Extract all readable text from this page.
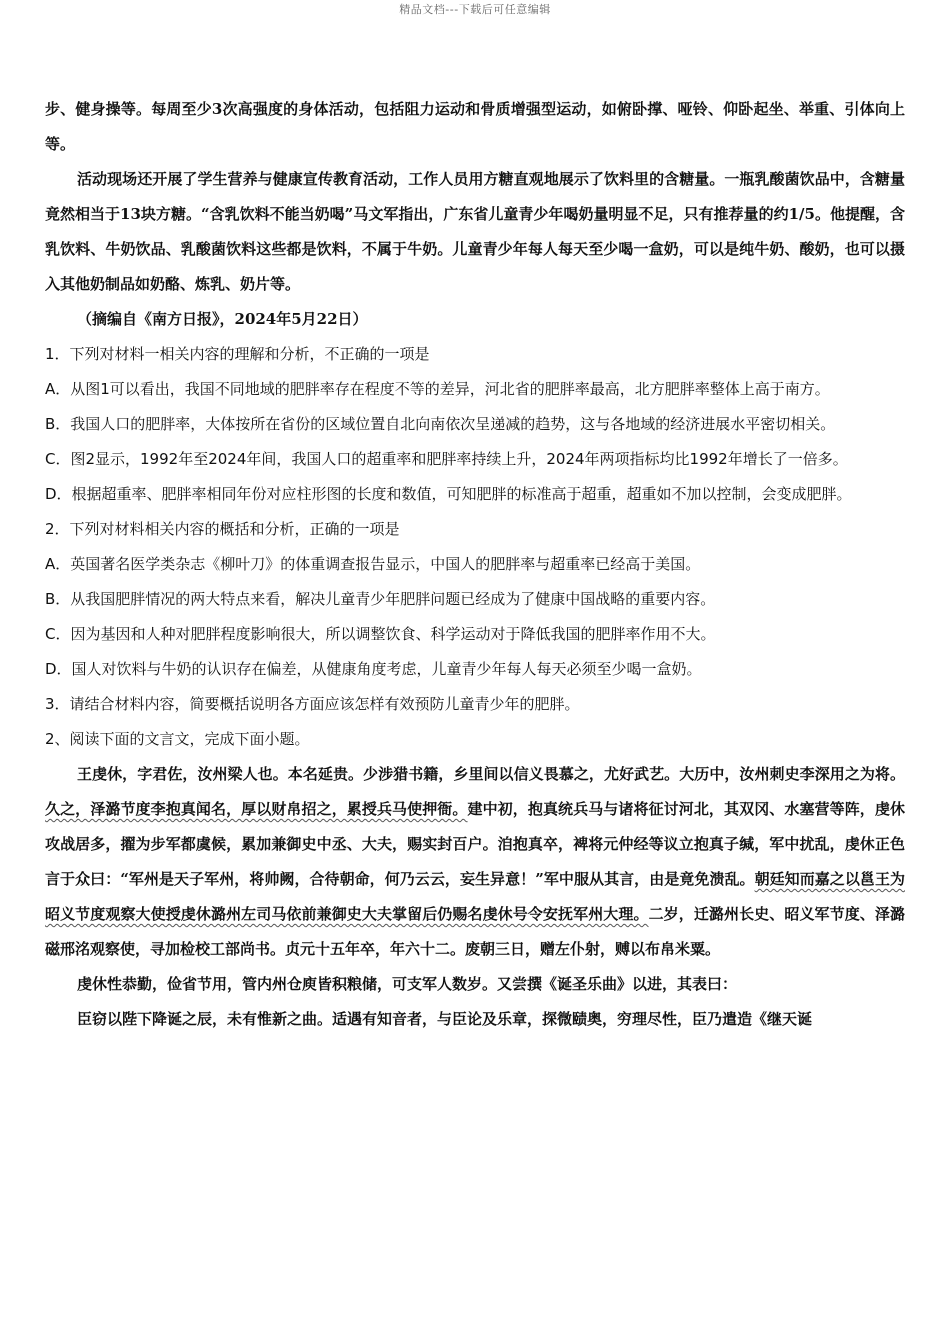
精品文档---下载后可任意编辑

步、健身操等。每周至少3次高强度的身体活动，包括阻力运动和骨质增强型运动，如俯卧撑、哑铃、仰卧起坐、举重、引体向上等。

活动现场还开展了学生营养与健康宣传教育活动，工作人员用方糖直观地展示了饮料里的含糖量。一瓶乳酸菌饮品中，含糖量竟然相当于13块方糖。“含乳饮料不能当奶喝”马文军指出，广东省儿童青少年喝奶量明显不足，只有推荐量的约1/5。他提醒，含乳饮料、牛奶饮品、乳酸菌饮料这些都是饮料，不属于牛奶。儿童青少年每人每天至少喝一盒奶，可以是纯牛奶、酸奶，也可以摄入其他奶制品如奶酪、炼乳、奶片等。

（摘编自《南方日报》，2024年5月22日）

1．下列对材料一相关内容的理解和分析，不正确的一项是

A．从图1可以看出，我国不同地域的肥胖率存在程度不等的差异，河北省的肥胖率最高，北方肥胖率整体上高于南方。

B．我国人口的肥胖率，大体按所在省份的区域位置自北向南依次呈递减的趋势，这与各地域的经济进展水平密切相关。

C．图2显示，1992年至2024年间，我国人口的超重率和肥胖率持续上升，2024年两项指标均比1992年增长了一倍多。

D．根据超重率、肥胖率相同年份对应柱形图的长度和数值，可知肥胖的标准高于超重，超重如不加以控制，会变成肥胖。

2．下列对材料相关内容的概括和分析，正确的一项是

A．英国著名医学类杂志《柳叶刀》的体重调查报告显示，中国人的肥胖率与超重率已经高于美国。

B．从我国肥胖情况的两大特点来看，解决儿童青少年肥胖问题已经成为了健康中国战略的重要内容。

C．因为基因和人种对肥胖程度影响很大，所以调整饮食、科学运动对于降低我国的肥胖率作用不大。

D．国人对饮料与牛奶的认识存在偏差，从健康角度考虑，儿童青少年每人每天必须至少喝一盒奶。

3．请结合材料内容，简要概括说明各方面应该怎样有效预防儿童青少年的肥胖。

2、阅读下面的文言文，完成下面小题。

王虔休，字君佐，汝州梁人也。本名延贵。少涉猎书籍，乡里间以信义畏慕之，尤好武艺。大历中，汝州刺史李深用之为将。久之，泽潞节度李抱真闻名，厚以财帛招之，累授兵马使押衙。建中初，抱真统兵马与诸将征讨河北，其双冈、水塞营等阵，虔休攻战居多，擢为步军都虞候，累加兼御史中丞、大夫，赐实封百户。洎抱真卒，裨将元仲经等议立抱真子缄，军中扰乱，虔休正色言于众曰：“军州是天子军州，将帅阙，合待朝命，何乃云云，妄生异意！”军中服从其言，由是竟免溃乱。朝廷知而嘉之以邕王为昭义节度观察大使授虔休潞州左司马依前兼御史大夫掌留后仍赐名虔休号令安抚军州大理。二岁，迁潞州长史、昭义军节度、泽潞磁邢洺观察使，寻加检校工部尚书。贞元十五年卒，年六十二。废朝三日，赠左仆射，赙以布帛米粟。

虔休性恭勤，俭省节用，管内州仓庾皆积粮储，可支军人数岁。又尝撰《诞圣乐曲》以进，其表曰：

臣窃以陛下降诞之辰，未有惟新之曲。适遇有知音者，与臣论及乐章，探微赜奥，穷理尽性，臣乃遣造《继天诞
